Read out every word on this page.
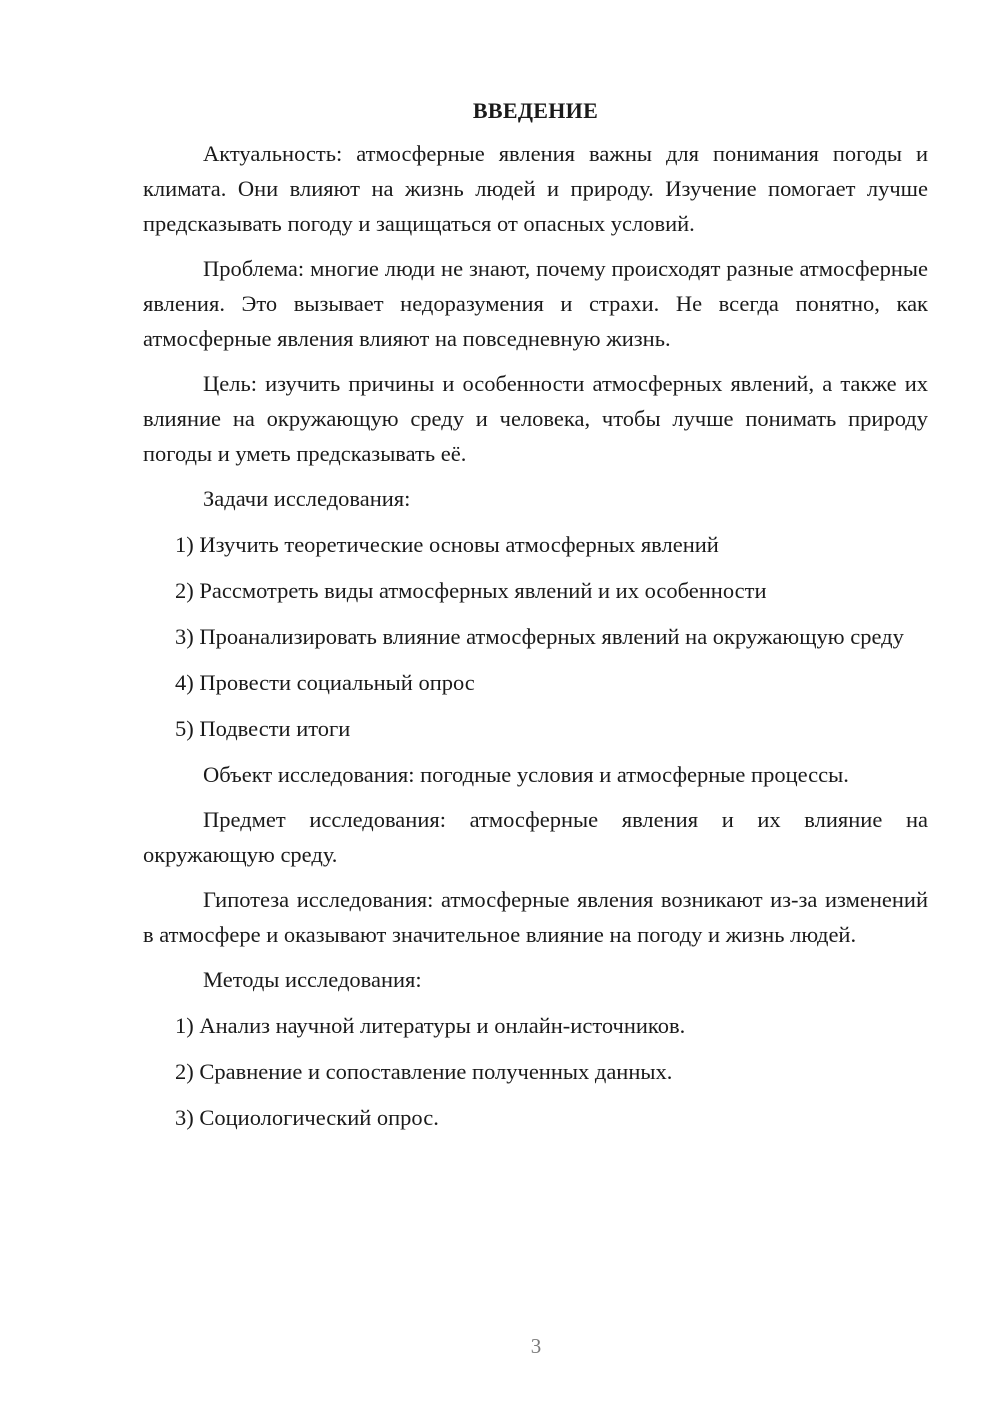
ВВЕДЕНИЕ

Актуальность: атмосферные явления важны для понимания погоды и климата. Они влияют на жизнь людей и природу. Изучение помогает лучше предсказывать погоду и защищаться от опасных условий.

Проблема: многие люди не знают, почему происходят разные атмосферные явления. Это вызывает недоразумения и страхи. Не всегда понятно, как атмосферные явления влияют на повседневную жизнь.

Цель: изучить причины и особенности атмосферных явлений, а также их влияние на окружающую среду и человека, чтобы лучше понимать природу погоды и уметь предсказывать её.

Задачи исследования:

1) Изучить теоретические основы атмосферных явлений

2) Рассмотреть виды атмосферных явлений и их особенности

3) Проанализировать влияние атмосферных явлений на окружающую среду

4) Провести социальный опрос

5) Подвести итоги

Объект исследования: погодные условия и атмосферные процессы.

Предмет исследования: атмосферные явления и их влияние на окружающую среду.

Гипотеза исследования: атмосферные явления возникают из-за изменений в атмосфере и оказывают значительное влияние на погоду и жизнь людей.

Методы исследования:

1) Анализ научной литературы и онлайн-источников.

2) Сравнение и сопоставление полученных данных.

3) Социологический опрос.

3
